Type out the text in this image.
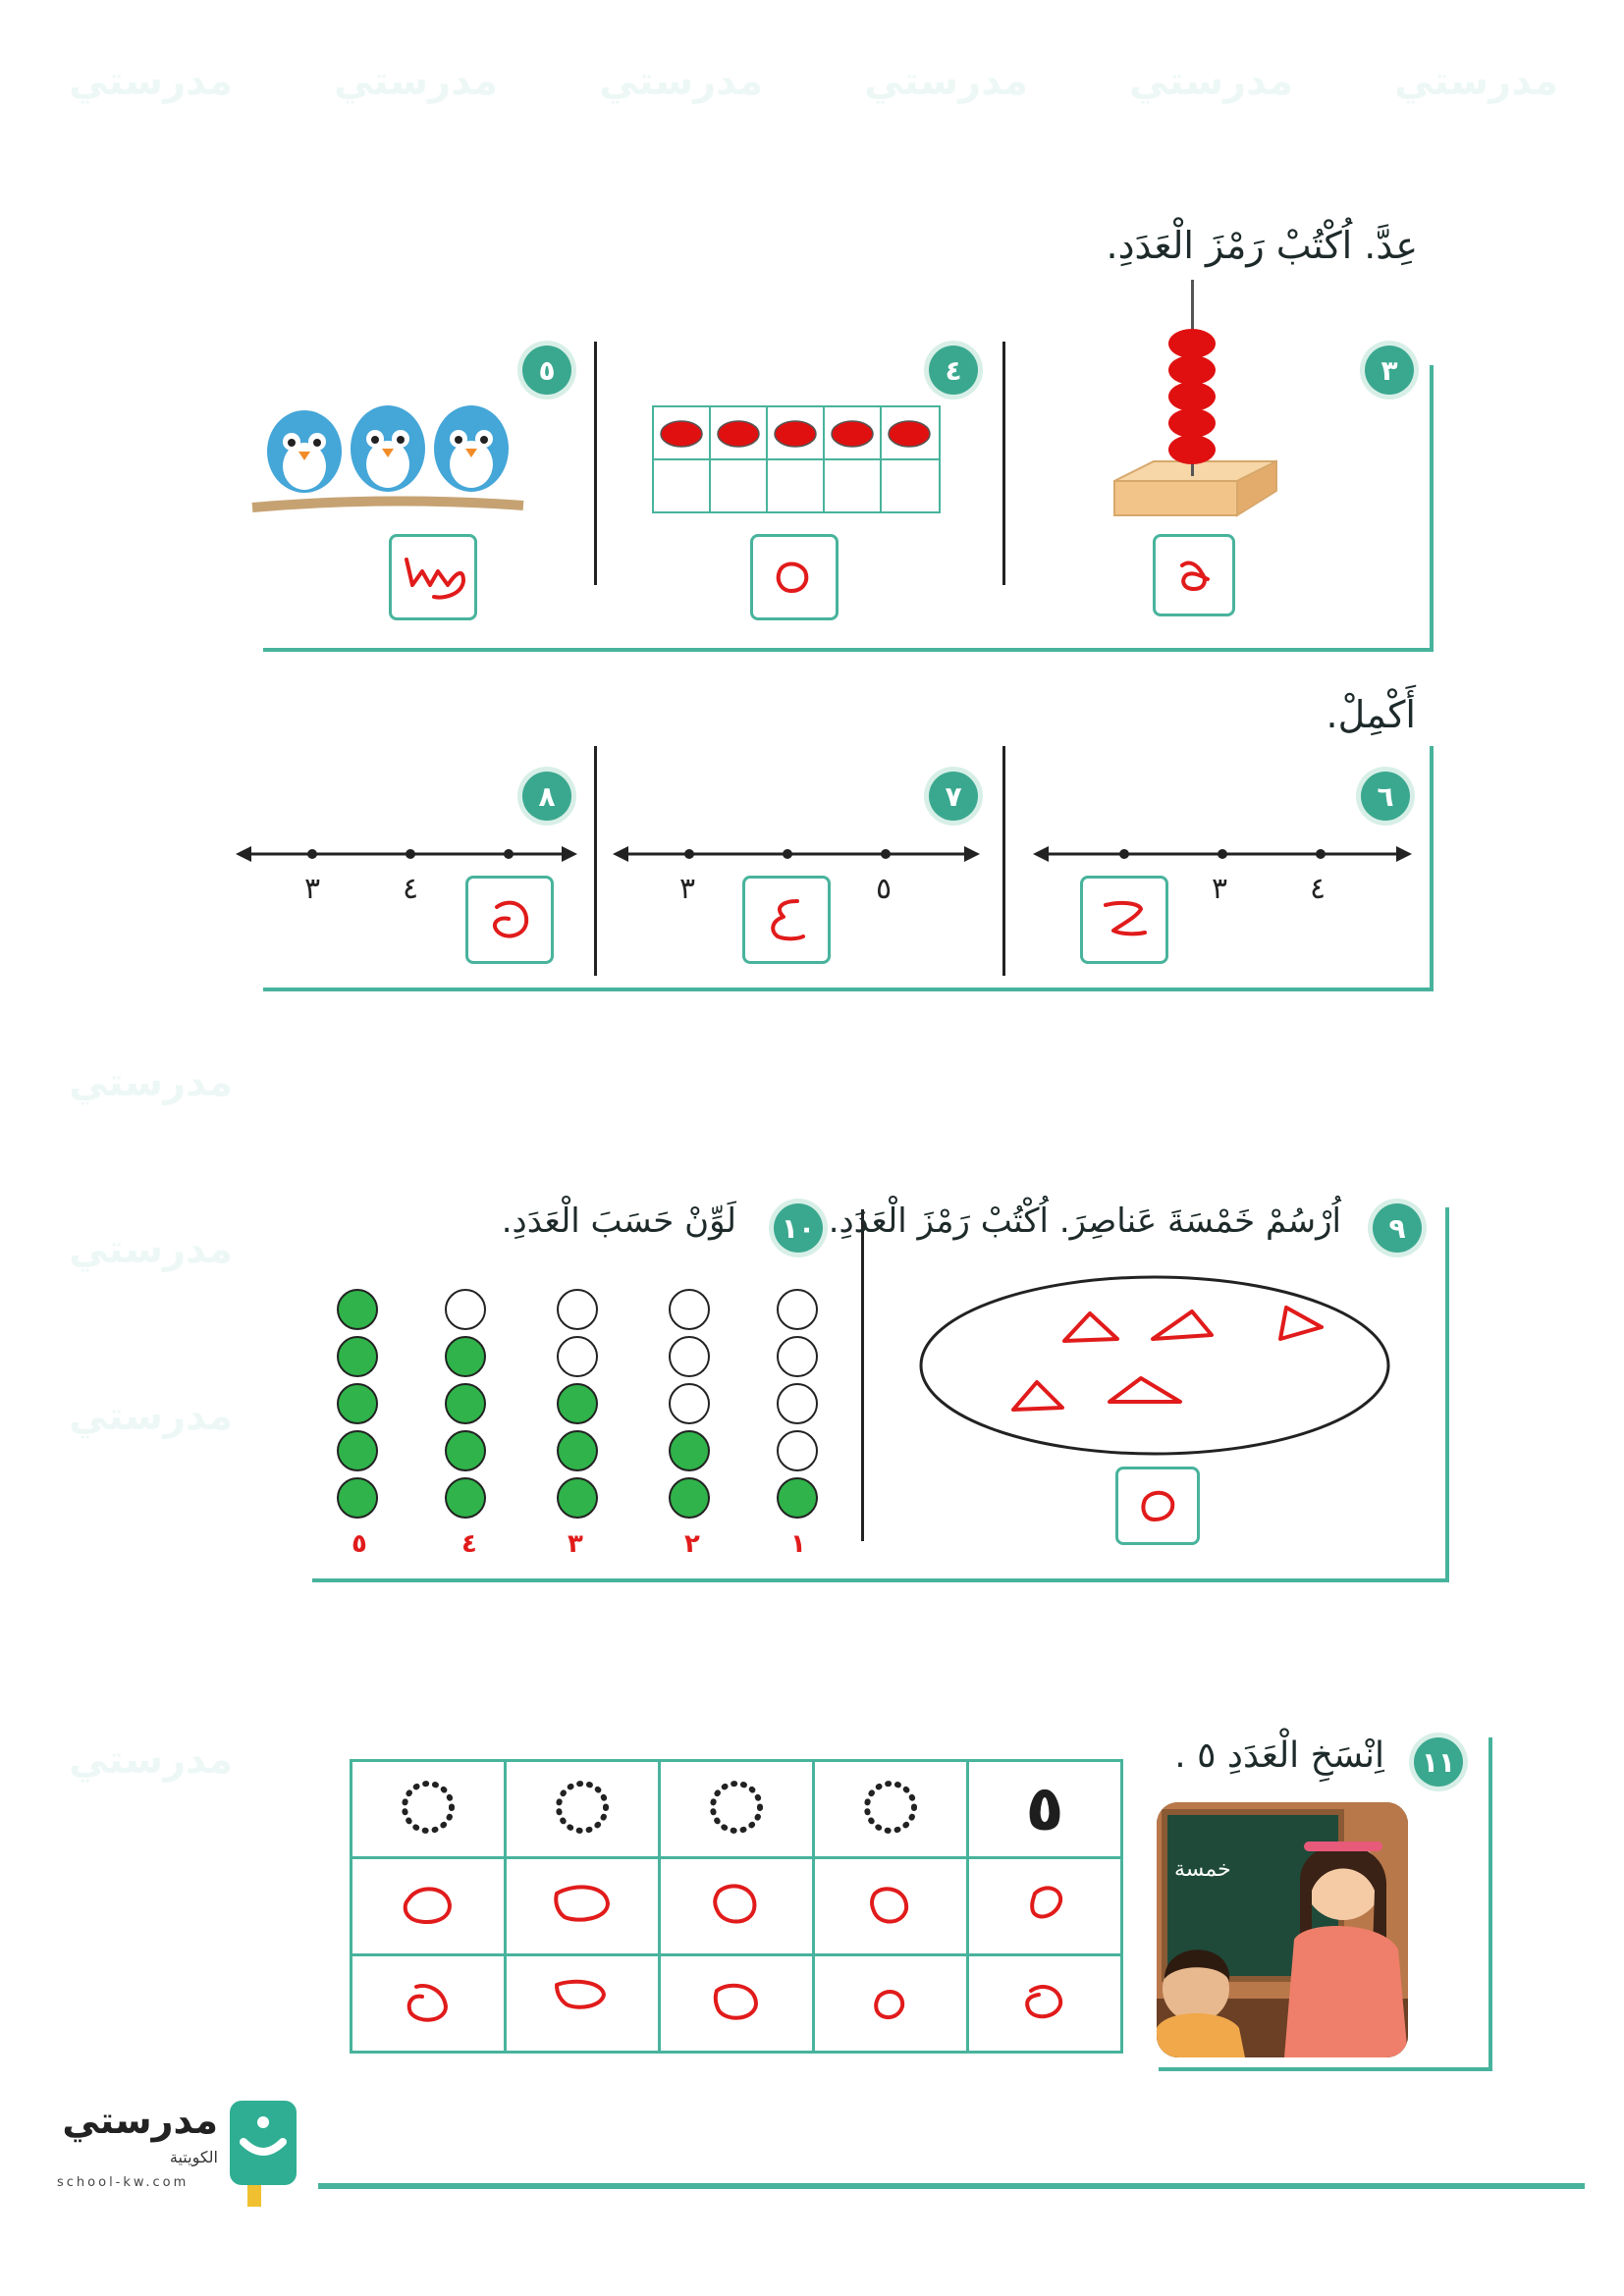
مدرستي	مدرستي	مدرستي	مدرستي	مدرستي	مدرستي
مدرستي
مدرستي
مدرستي
مدرستي
عِدَّ. اُكْتُبْ رَمْزَ الْعَدَدِ.
٣
٤
٥
أَكْمِلْ.
٦
٤
٣
٧
٥
٣
٨
٤
٣
٩
اُرْسُمْ خَمْسَةَ عَناصِرَ. اُكْتُبْ رَمْزَ الْعَدَدِ.
١٠
لَوِّنْ حَسَبَ الْعَدَدِ.
١
٢
٣
٤
٥
١١
اِنْسَخِ الْعَدَدِ ٥ .
خمسة
				٥

مدرستي
الكويتية
school-kw.com
